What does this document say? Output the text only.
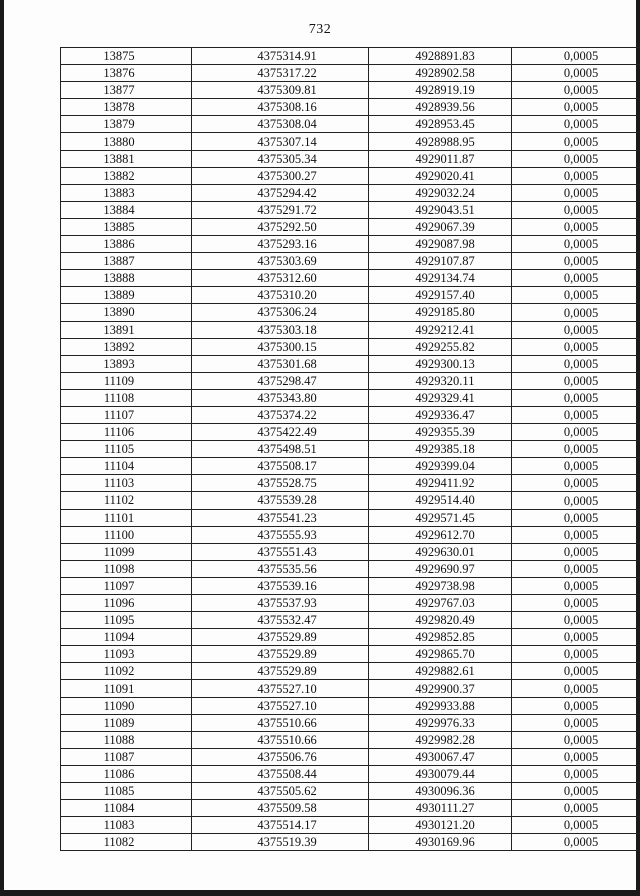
732
13875	4375314.91	4928891.83	0,0005
13876	4375317.22	4928902.58	0,0005
13877	4375309.81	4928919.19	0,0005
13878	4375308.16	4928939.56	0,0005
13879	4375308.04	4928953.45	0,0005
13880	4375307.14	4928988.95	0,0005
13881	4375305.34	4929011.87	0,0005
13882	4375300.27	4929020.41	0,0005
13883	4375294.42	4929032.24	0,0005
13884	4375291.72	4929043.51	0,0005
13885	4375292.50	4929067.39	0,0005
13886	4375293.16	4929087.98	0,0005
13887	4375303.69	4929107.87	0,0005
13888	4375312.60	4929134.74	0,0005
13889	4375310.20	4929157.40	0,0005
13890	4375306.24	4929185.80	0,0005
13891	4375303.18	4929212.41	0,0005
13892	4375300.15	4929255.82	0,0005
13893	4375301.68	4929300.13	0,0005
11109	4375298.47	4929320.11	0,0005
11108	4375343.80	4929329.41	0,0005
11107	4375374.22	4929336.47	0,0005
11106	4375422.49	4929355.39	0,0005
11105	4375498.51	4929385.18	0,0005
11104	4375508.17	4929399.04	0,0005
11103	4375528.75	4929411.92	0,0005
11102	4375539.28	4929514.40	0,0005
11101	4375541.23	4929571.45	0,0005
11100	4375555.93	4929612.70	0,0005
11099	4375551.43	4929630.01	0,0005
11098	4375535.56	4929690.97	0,0005
11097	4375539.16	4929738.98	0,0005
11096	4375537.93	4929767.03	0,0005
11095	4375532.47	4929820.49	0,0005
11094	4375529.89	4929852.85	0,0005
11093	4375529.89	4929865.70	0,0005
11092	4375529.89	4929882.61	0,0005
11091	4375527.10	4929900.37	0,0005
11090	4375527.10	4929933.88	0,0005
11089	4375510.66	4929976.33	0,0005
11088	4375510.66	4929982.28	0,0005
11087	4375506.76	4930067.47	0,0005
11086	4375508.44	4930079.44	0,0005
11085	4375505.62	4930096.36	0,0005
11084	4375509.58	4930111.27	0,0005
11083	4375514.17	4930121.20	0,0005
11082	4375519.39	4930169.96	0,0005
